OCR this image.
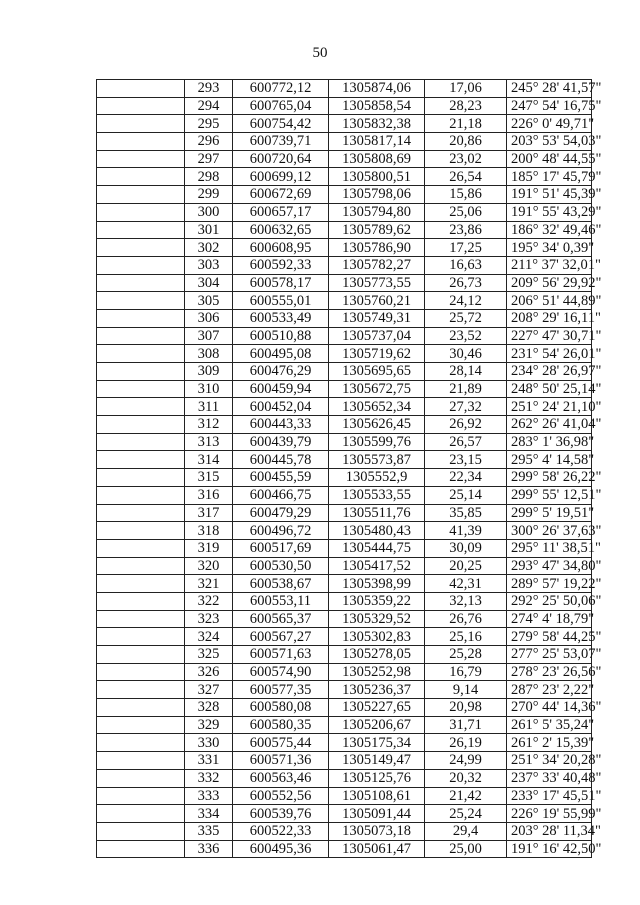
50
	293	600772,12	1305874,06	17,06	245° 28' 41,57"
	294	600765,04	1305858,54	28,23	247° 54' 16,75"
	295	600754,42	1305832,38	21,18	226° 0' 49,71"
	296	600739,71	1305817,14	20,86	203° 53' 54,03"
	297	600720,64	1305808,69	23,02	200° 48' 44,55"
	298	600699,12	1305800,51	26,54	185° 17' 45,79"
	299	600672,69	1305798,06	15,86	191° 51' 45,39"
	300	600657,17	1305794,80	25,06	191° 55' 43,29"
	301	600632,65	1305789,62	23,86	186° 32' 49,46"
	302	600608,95	1305786,90	17,25	195° 34' 0,39"
	303	600592,33	1305782,27	16,63	211° 37' 32,01"
	304	600578,17	1305773,55	26,73	209° 56' 29,92"
	305	600555,01	1305760,21	24,12	206° 51' 44,89"
	306	600533,49	1305749,31	25,72	208° 29' 16,11"
	307	600510,88	1305737,04	23,52	227° 47' 30,71"
	308	600495,08	1305719,62	30,46	231° 54' 26,01"
	309	600476,29	1305695,65	28,14	234° 28' 26,97"
	310	600459,94	1305672,75	21,89	248° 50' 25,14"
	311	600452,04	1305652,34	27,32	251° 24' 21,10"
	312	600443,33	1305626,45	26,92	262° 26' 41,04"
	313	600439,79	1305599,76	26,57	283° 1' 36,98"
	314	600445,78	1305573,87	23,15	295° 4' 14,58"
	315	600455,59	1305552,9	22,34	299° 58' 26,22"
	316	600466,75	1305533,55	25,14	299° 55' 12,51"
	317	600479,29	1305511,76	35,85	299° 5' 19,51"
	318	600496,72	1305480,43	41,39	300° 26' 37,63"
	319	600517,69	1305444,75	30,09	295° 11' 38,51"
	320	600530,50	1305417,52	20,25	293° 47' 34,80"
	321	600538,67	1305398,99	42,31	289° 57' 19,22"
	322	600553,11	1305359,22	32,13	292° 25' 50,06"
	323	600565,37	1305329,52	26,76	274° 4' 18,79"
	324	600567,27	1305302,83	25,16	279° 58' 44,25"
	325	600571,63	1305278,05	25,28	277° 25' 53,07"
	326	600574,90	1305252,98	16,79	278° 23' 26,56"
	327	600577,35	1305236,37	9,14	287° 23' 2,22"
	328	600580,08	1305227,65	20,98	270° 44' 14,36"
	329	600580,35	1305206,67	31,71	261° 5' 35,24"
	330	600575,44	1305175,34	26,19	261° 2' 15,39"
	331	600571,36	1305149,47	24,99	251° 34' 20,28"
	332	600563,46	1305125,76	20,32	237° 33' 40,48"
	333	600552,56	1305108,61	21,42	233° 17' 45,51"
	334	600539,76	1305091,44	25,24	226° 19' 55,99"
	335	600522,33	1305073,18	29,4	203° 28' 11,34"
	336	600495,36	1305061,47	25,00	191° 16' 42,50"
